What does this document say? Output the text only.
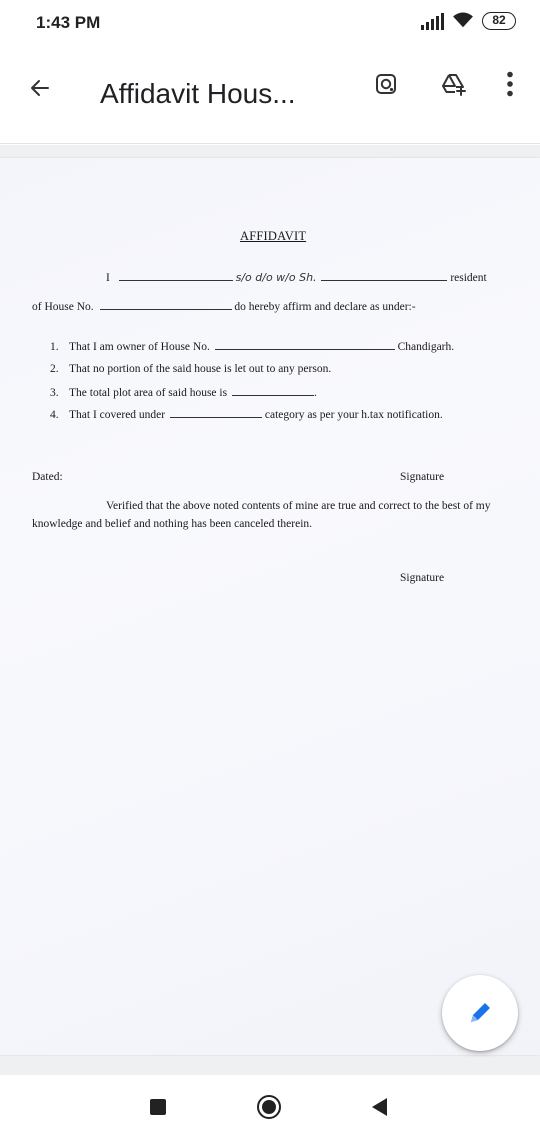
1:43 PM	82
Affidavit Hous...
AFFIDAVIT
I	s/o d/o w/o Sh.	resident
of House No.	do hereby affirm and declare as under:-
1. That I am owner of House No.	Chandigarh.
2. That no portion of the said house is let out to any person.
3. The total plot area of said house is	.
4. That I covered under	category as per your h.tax notification.
Dated:	Signature
Verified that the above noted contents of mine are true and correct to the best of my knowledge and belief and nothing has been canceled therein.
Signature
